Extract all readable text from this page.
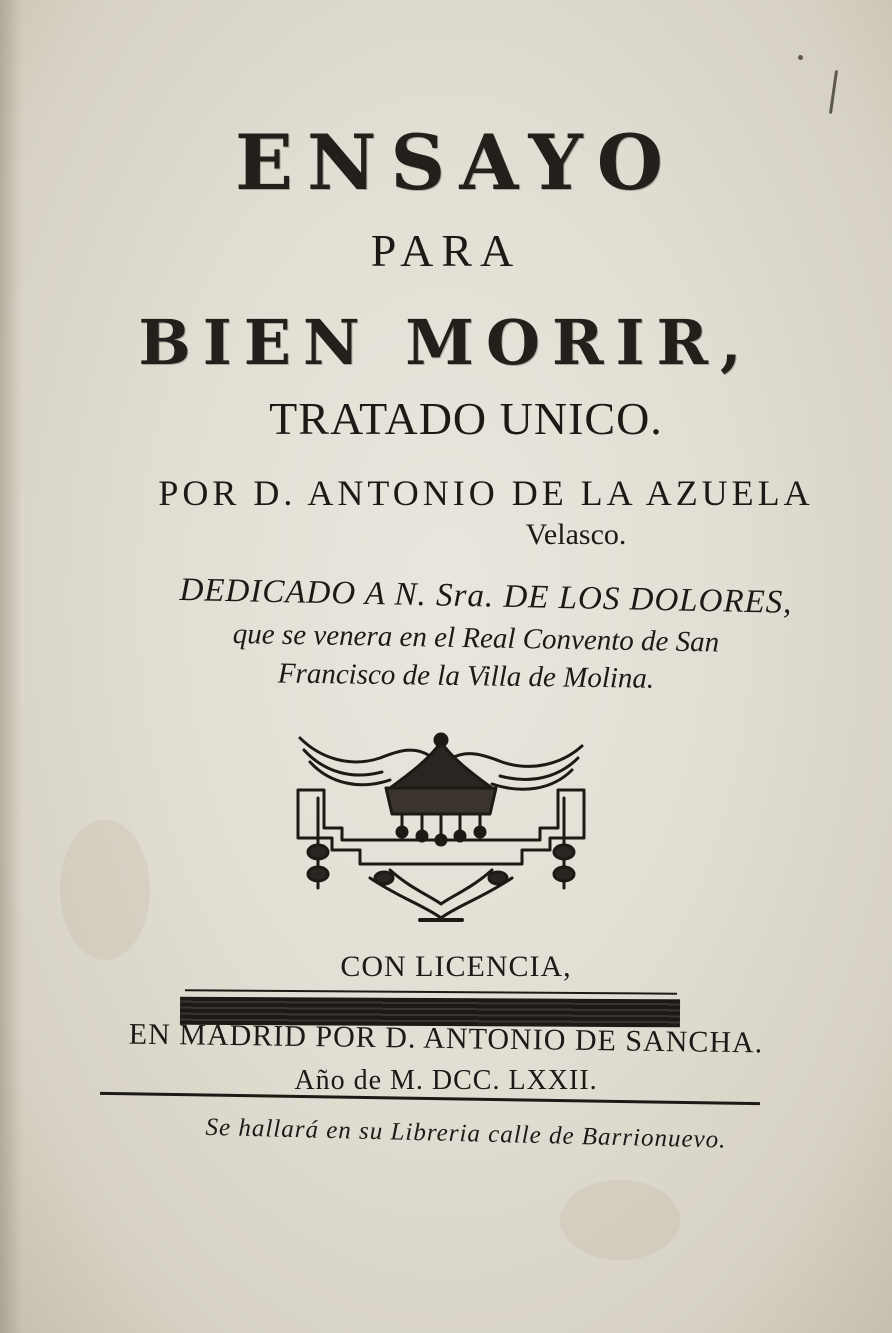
ENSAYO
PARA
BIEN MORIR,
TRATADO UNICO.
POR D. ANTONIO DE LA AZUELA
Velasco.
DEDICADO A N. Sra. DE LOS DOLORES,
que se venera en el Real Convento de San
Francisco de la Villa de Molina.
CON LICENCIA,
EN MADRID POR D. ANTONIO DE SANCHA.
Año de M. DCC. LXXII.
Se hallará en su Libreria calle de Barrionuevo.
